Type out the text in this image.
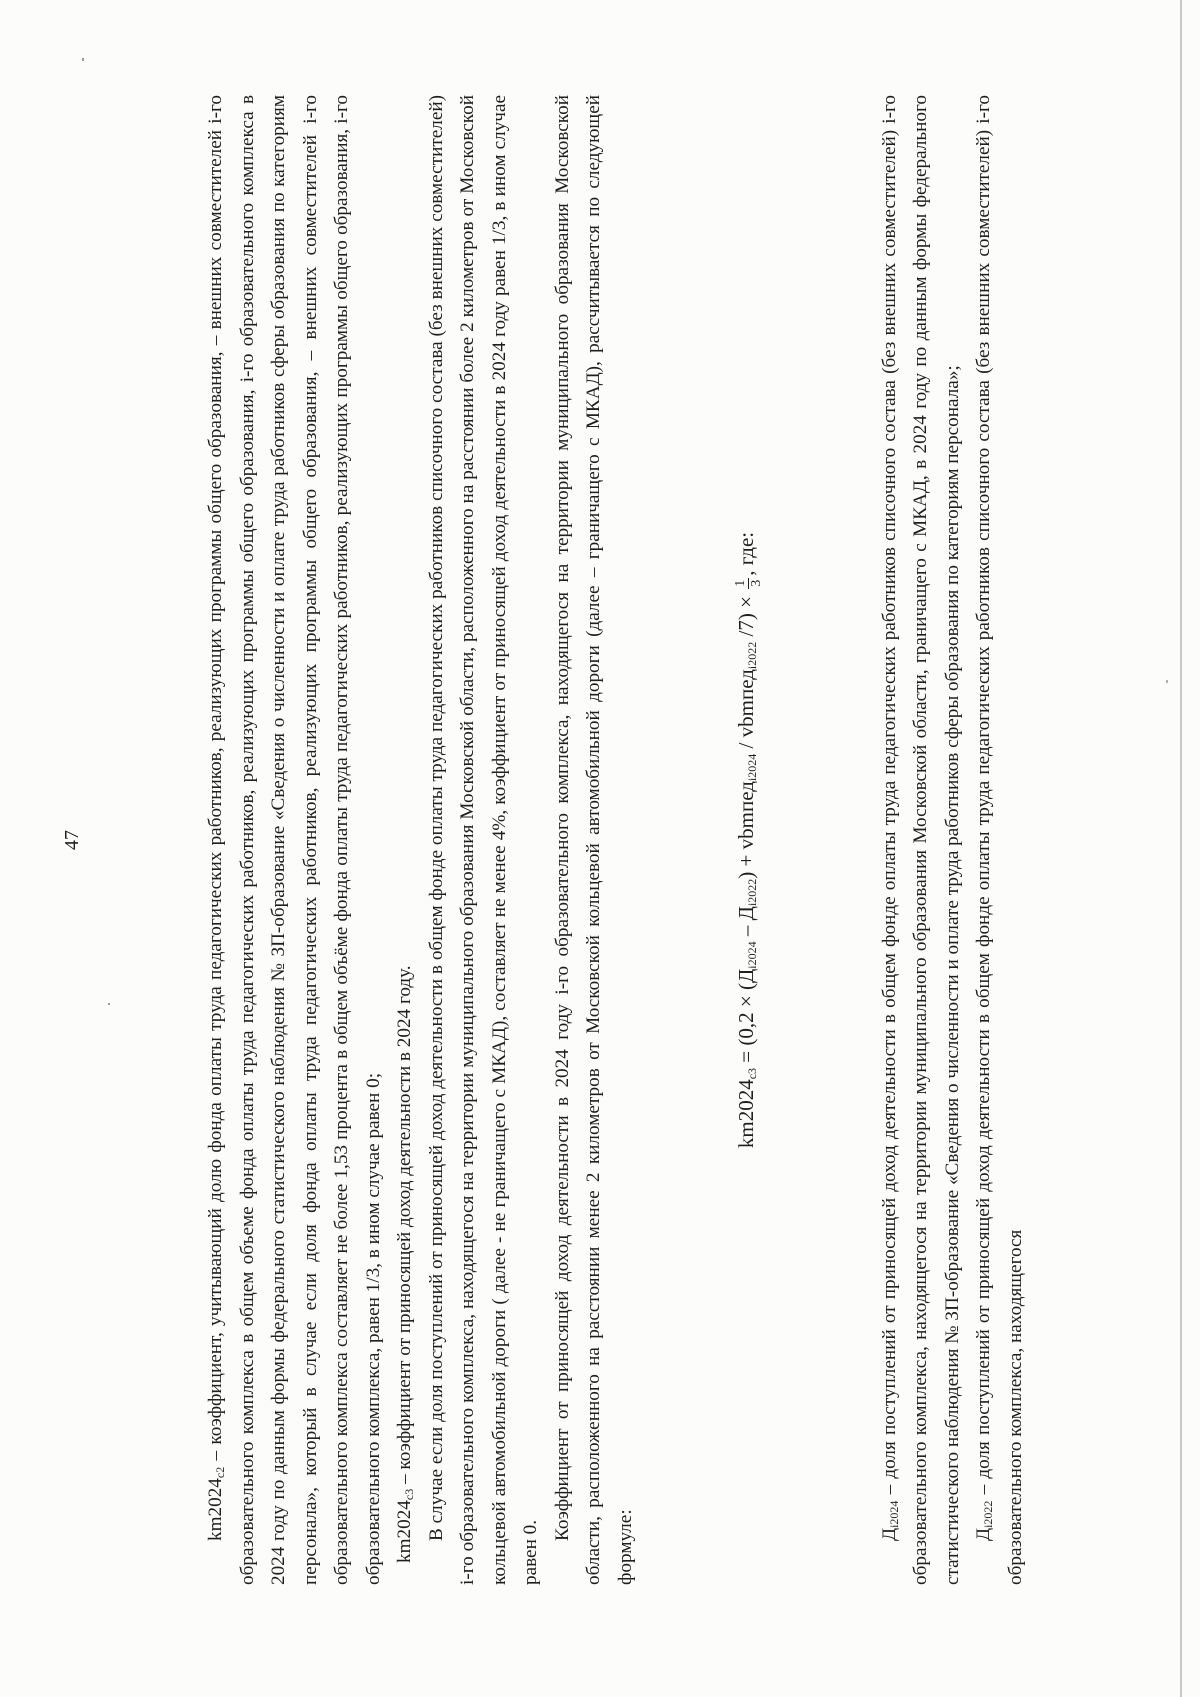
47

$km2024_{с2}$ – коэффициент, учитывающий долю фонда оплаты труда педагогических работников, реализующих программы общего образования, – внешних совместителей i-го образовательного комплекса в общем объеме фонда оплаты труда педагогических работников, реализующих программы общего образования, i-го образовательного комплекса в 2024 году по данным формы федерального статистического наблюдения № ЗП-образование «Сведения о численности и оплате труда работников сферы образования по категориям персонала», который в случае если доля фонда оплаты труда педагогических работников, реализующих программы общего образования, – внешних совместителей i-го образовательного комплекса составляет не более 1,53 процента в общем объёме фонда оплаты труда педагогических работников, реализующих программы общего образования, i-го образовательного комплекса, равен 1/3, в ином случае равен 0; $km2024_{с3}$ – коэффициент от приносящей доход деятельности в 2024 году. В случае если доля поступлений от приносящей доход деятельности в общем фонде оплаты труда педагогических работников списочного состава (без внешних совместителей) i-го образовательного комплекса, находящегося на территории муниципального образования Московской области, расположенного на расстоянии более 2 километров от Московской кольцевой автомобильной дороги ( далее - не граничащего с МКАД), составляет не менее 4%, коэффициент от приносящей доход деятельности в 2024 году равен 1/3, в ином случае равен 0.

Коэффициент от приносящей доход деятельности в 2024 году i-го образовательного комплекса, находящегося на территории муниципального образования Московской области, расположенного на расстоянии менее 2 километров от Московской кольцевой автомобильной дороги (далее – граничащего с МКАД), рассчитывается по следующей формуле:

$km2024_{с3} = (0,2 \times (Д_{i2024} - Д_{i2022})$ + vbmпед$_{i2024}$ / vbmпед$_{i2022}$ /7) ×
1 3
, где:

$Д_{i2024}$ – доля поступлений от приносящей доход деятельности в общем фонде оплаты труда педагогических работников списочного состава (без внешних совместителей) i-го образовательного комплекса, находящегося на территории муниципального образования Московской области, граничащего с МКАД, в 2024 году по данным формы федерального статистического наблюдения № ЗП-образование «Сведения о численности и оплате труда работников сферы образования по категориям персонала»; $Д_{i2022}$ – доля поступлений от приносящей доход деятельности в общем фонде оплаты труда педагогических работников списочного состава (без внешних совместителей) i-го образовательного комплекса, находящегося
